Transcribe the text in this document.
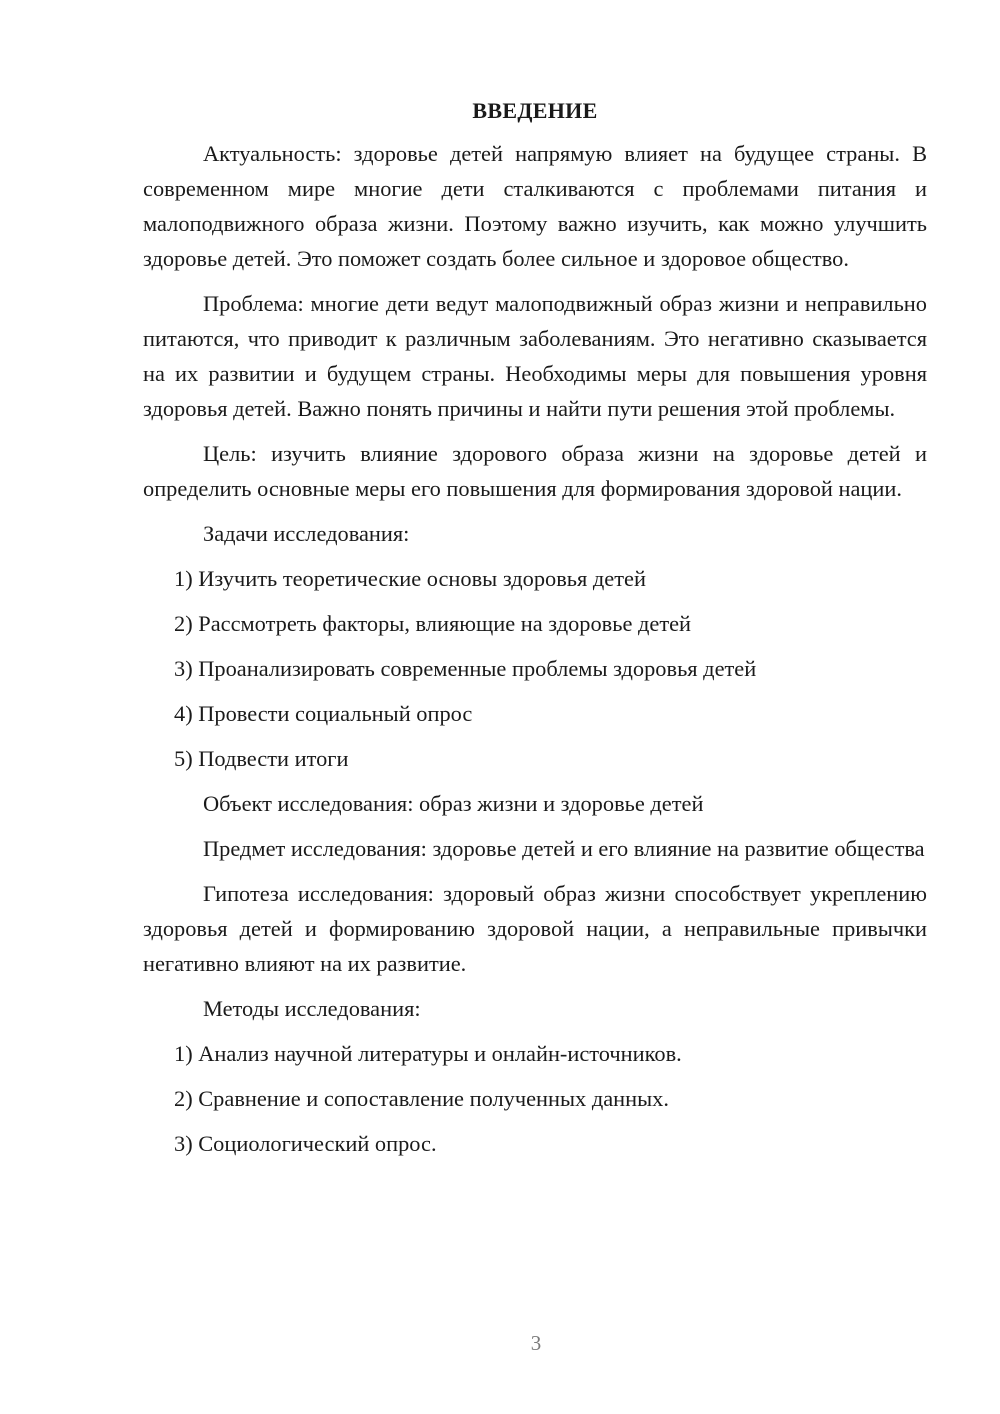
ВВЕДЕНИЕ

Актуальность: здоровье детей напрямую влияет на будущее страны. В современном мире многие дети сталкиваются с проблемами питания и малоподвижного образа жизни. Поэтому важно изучить, как можно улучшить здоровье детей. Это поможет создать более сильное и здоровое общество.

Проблема: многие дети ведут малоподвижный образ жизни и неправильно питаются, что приводит к различным заболеваниям. Это негативно сказывается на их развитии и будущем страны. Необходимы меры для повышения уровня здоровья детей. Важно понять причины и найти пути решения этой проблемы.

Цель: изучить влияние здорового образа жизни на здоровье детей и определить основные меры его повышения для формирования здоровой нации.

Задачи исследования:
1) Изучить теоретические основы здоровья детей
2) Рассмотреть факторы, влияющие на здоровье детей
3) Проанализировать современные проблемы здоровья детей
4) Провести социальный опрос
5) Подвести итоги
Объект исследования: образ жизни и здоровье детей

Предмет исследования: здоровье детей и его влияние на развитие общества

Гипотеза исследования: здоровый образ жизни способствует укреплению здоровья детей и формированию здоровой нации, а неправильные привычки негативно влияют на их развитие.

Методы исследования:
1) Анализ научной литературы и онлайн-источников.
2) Сравнение и сопоставление полученных данных.
3) Социологический опрос.
3
